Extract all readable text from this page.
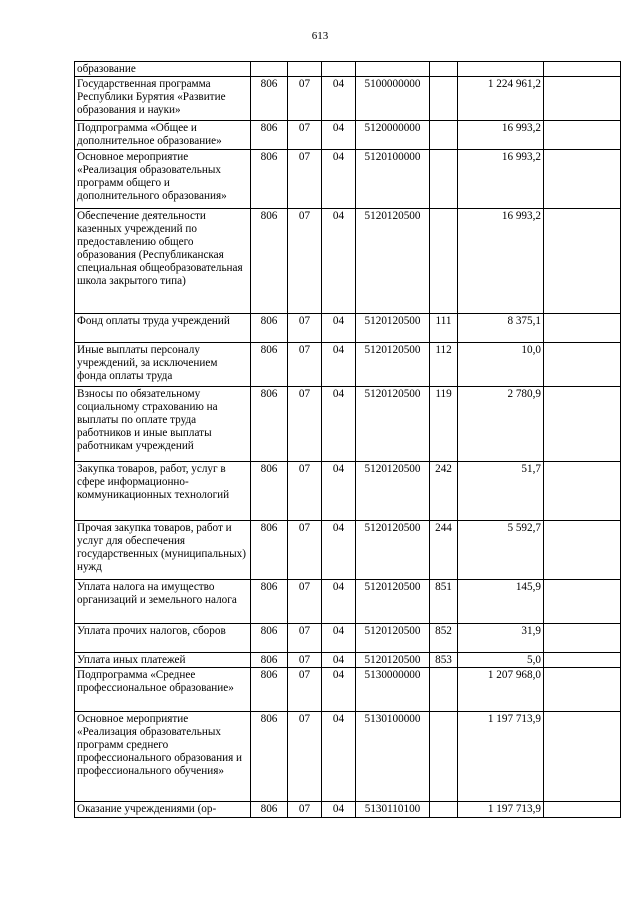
613
образование							
Государственная программа Республики Бурятия «Развитие образования и науки»	806	07	04	5100000000		1 224 961,2	
Подпрограмма «Общее и дополнительное образование»	806	07	04	5120000000		16 993,2	
Основное мероприятие «Реализация образовательных программ общего и дополнительного образования»	806	07	04	5120100000		16 993,2	
Обеспечение деятельности казенных учреждений по предоставлению общего образования (Республиканская специальная общеобразовательная школа закрытого типа)	806	07	04	5120120500		16 993,2	
Фонд оплаты труда учреждений	806	07	04	5120120500	111	8 375,1	
Иные выплаты персоналу учреждений, за исключением фонда оплаты труда	806	07	04	5120120500	112	10,0	
Взносы по обязательному социальному страхованию на выплаты по оплате труда работников и иные выплаты работникам учреждений	806	07	04	5120120500	119	2 780,9	
Закупка товаров, работ, услуг в сфере информационно-коммуникационных технологий	806	07	04	5120120500	242	51,7	
Прочая закупка товаров, работ и услуг для обеспечения государственных (муниципальных) нужд	806	07	04	5120120500	244	5 592,7	
Уплата налога на имущество организаций и земельного налога	806	07	04	5120120500	851	145,9	
Уплата прочих налогов, сборов	806	07	04	5120120500	852	31,9	
Уплата иных платежей	806	07	04	5120120500	853	5,0	
Подпрограмма «Среднее профессиональное образование»	806	07	04	5130000000		1 207 968,0	
Основное мероприятие «Реализация образовательных программ среднего профессионального образования и профессионального обучения»	806	07	04	5130100000		1 197 713,9	
Оказание учреждениями (ор-	806	07	04	5130110100		1 197 713,9	
